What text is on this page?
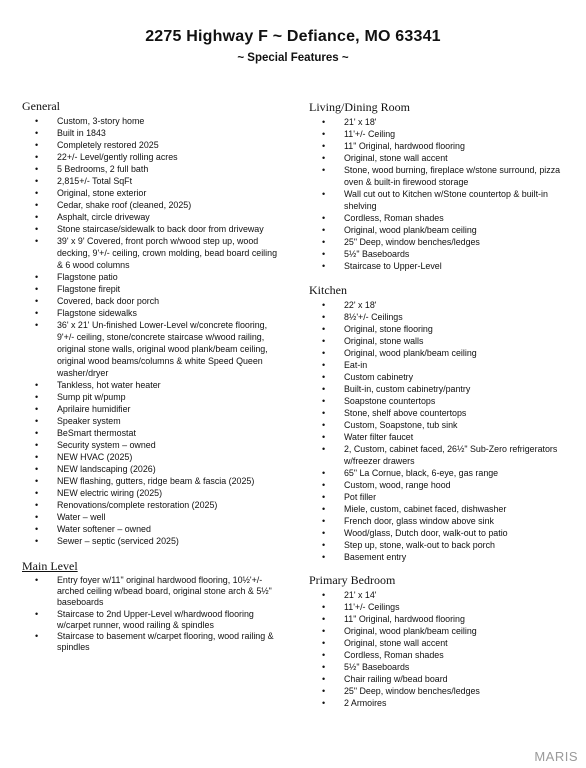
2275 Highway F ~ Defiance, MO 63341
~ Special Features ~
General
• Custom, 3-story home
• Built in 1843
• Completely restored 2025
• 22+/- Level/gently rolling acres
• 5 Bedrooms, 2 full bath
• 2,815+/- Total SqFt
• Original, stone exterior
• Cedar, shake roof (cleaned, 2025)
• Asphalt, circle driveway
• Stone staircase/sidewalk to back door from driveway
• 39' x 9' Covered, front porch w/wood step up, wood decking, 9'+/- ceiling, crown molding, bead board ceiling & 6 wood columns
• Flagstone patio
• Flagstone firepit
• Covered, back door porch
• Flagstone sidewalks
• 36' x 21' Un-finished Lower-Level w/concrete flooring, 9'+/- ceiling, stone/concrete staircase w/wood railing, original stone walls, original wood plank/beam ceiling, original wood beams/columns & white Speed Queen washer/dryer
• Tankless, hot water heater
• Sump pit w/pump
• Aprilaire humidifier
• Speaker system
• BeSmart thermostat
• Security system – owned
• NEW HVAC (2025)
• NEW landscaping (2026)
• NEW flashing, gutters, ridge beam & fascia (2025)
• NEW electric wiring (2025)
• Renovations/complete restoration (2025)
• Water – well
• Water softener – owned
• Sewer – septic (serviced 2025)
Main Level
• Entry foyer w/11" original hardwood flooring, 10½'+/- arched ceiling w/bead board, original stone arch & 5½" baseboards
• Staircase to 2nd Upper-Level w/hardwood flooring w/carpet runner, wood railing & spindles
• Staircase to basement w/carpet flooring, wood railing & spindles
Living/Dining Room
• 21' x 18'
• 11'+/- Ceiling
• 11" Original, hardwood flooring
• Original, stone wall accent
• Stone, wood burning, fireplace w/stone surround, pizza oven & built-in firewood storage
• Wall cut out to Kitchen w/Stone countertop & built-in shelving
• Cordless, Roman shades
• Original, wood plank/beam ceiling
• 25" Deep, window benches/ledges
• 5½" Baseboards
• Staircase to Upper-Level
Kitchen
• 22' x 18'
• 8½'+/- Ceilings
• Original, stone flooring
• Original, stone walls
• Original, wood plank/beam ceiling
• Eat-in
• Custom cabinetry
• Built-in, custom cabinetry/pantry
• Soapstone countertops
• Stone, shelf above countertops
• Custom, Soapstone, tub sink
• Water filter faucet
• 2, Custom, cabinet faced, 26½" Sub-Zero refrigerators w/freezer drawers
• 65" La Cornue, black, 6-eye, gas range
• Custom, wood, range hood
• Pot filler
• Miele, custom, cabinet faced, dishwasher
• French door, glass window above sink
• Wood/glass, Dutch door, walk-out to patio
• Step up, stone, walk-out to back porch
• Basement entry
Primary Bedroom
• 21' x 14'
• 11'+/- Ceilings
• 11" Original, hardwood flooring
• Original, wood plank/beam ceiling
• Original, stone wall accent
• Cordless, Roman shades
• 5½" Baseboards
• Chair railing w/bead board
• 25" Deep, window benches/ledges
• 2 Armoires
MARIS
